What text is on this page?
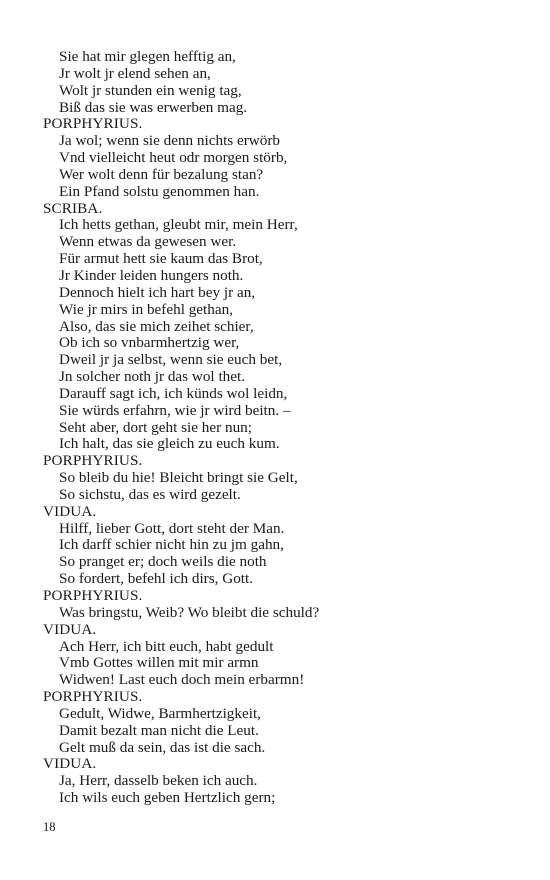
Sie hat mir glegen hefftig an,
Jr wolt jr elend sehen an,
Wolt jr stunden ein wenig tag,
Biß das sie was erwerben mag.
PORPHYRIUS.
Ja wol; wenn sie denn nichts erwörb
Vnd vielleicht heut odr morgen störb,
Wer wolt denn für bezalung stan?
Ein Pfand solstu genommen han.
SCRIBA.
Ich hetts gethan, gleubt mir, mein Herr,
Wenn etwas da gewesen wer.
Für armut hett sie kaum das Brot,
Jr Kinder leiden hungers noth.
Dennoch hielt ich hart bey jr an,
Wie jr mirs in befehl gethan,
Also, das sie mich zeihet schier,
Ob ich so vnbarmhertzig wer,
Dweil jr ja selbst, wenn sie euch bet,
Jn solcher noth jr das wol thet.
Darauff sagt ich, ich künds wol leidn,
Sie würds erfahrn, wie jr wird beitn. –
Seht aber, dort geht sie her nun;
Ich halt, das sie gleich zu euch kum.
PORPHYRIUS.
So bleib du hie! Bleicht bringt sie Gelt,
So sichstu, das es wird gezelt.
VIDUA.
Hilff, lieber Gott, dort steht der Man.
Ich darff schier nicht hin zu jm gahn,
So pranget er; doch weils die noth
So fordert, befehl ich dirs, Gott.
PORPHYRIUS.
Was bringstu, Weib? Wo bleibt die schuld?
VIDUA.
Ach Herr, ich bitt euch, habt gedult
Vmb Gottes willen mit mir armn
Widwen! Last euch doch mein erbarmn!
PORPHYRIUS.
Gedult, Widwe, Barmhertzigkeit,
Damit bezalt man nicht die Leut.
Gelt muß da sein, das ist die sach.
VIDUA.
Ja, Herr, dasselb beken ich auch.
Ich wils euch geben Hertzlich gern;
18
